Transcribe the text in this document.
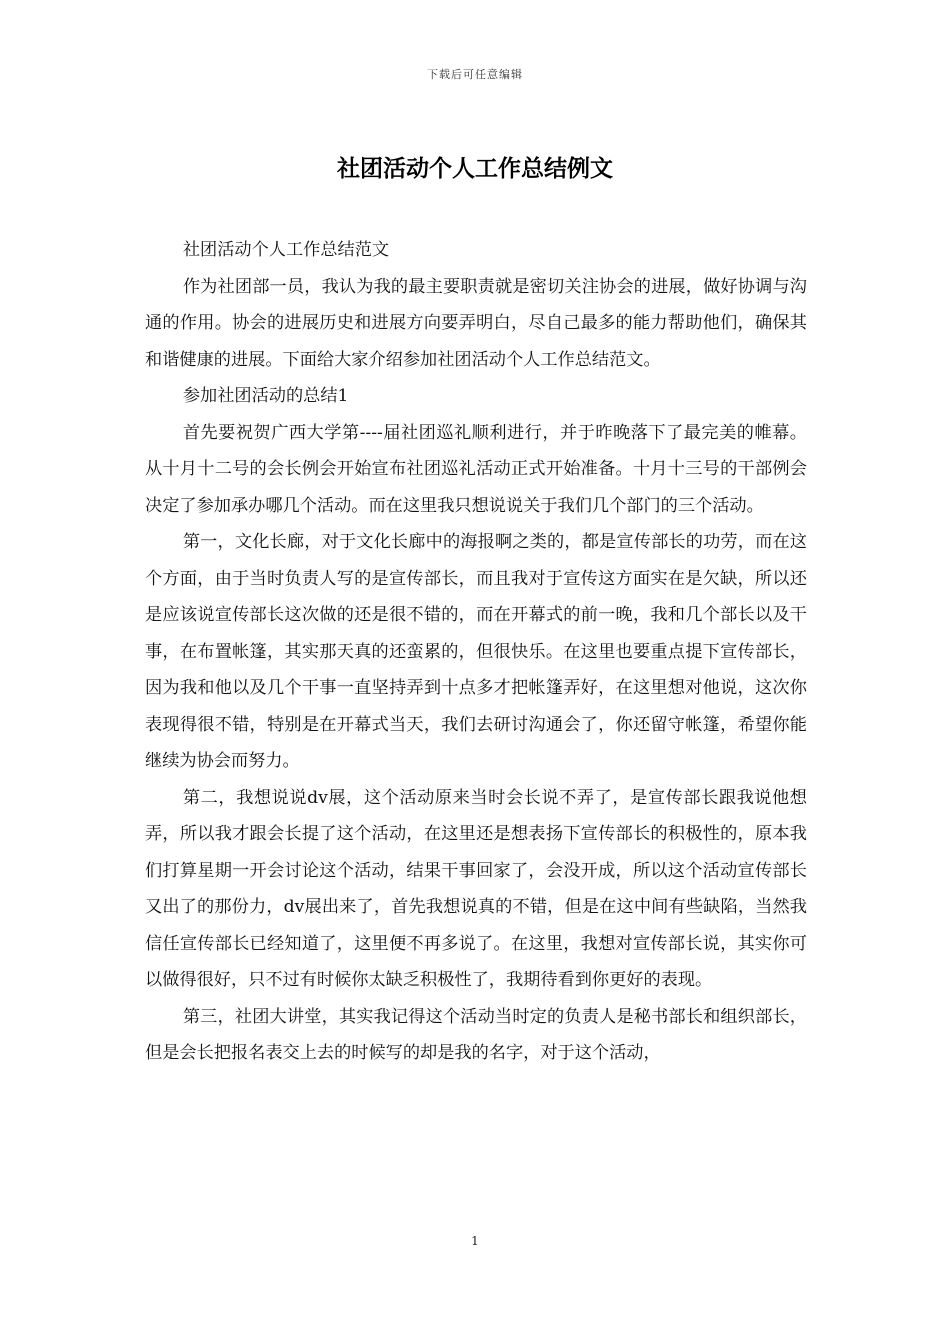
下载后可任意编辑
社团活动个人工作总结例文

社团活动个人工作总结范文

作为社团部一员，我认为我的最主要职责就是密切关注协会的进展，做好协调与沟通的作用。协会的进展历史和进展方向要弄明白，尽自己最多的能力帮助他们，确保其和谐健康的进展。下面给大家介绍参加社团活动个人工作总结范文。

参加社团活动的总结1

首先要祝贺广西大学第----届社团巡礼顺利进行，并于昨晚落下了最完美的帷幕。从十月十二号的会长例会开始宣布社团巡礼活动正式开始准备。十月十三号的干部例会决定了参加承办哪几个活动。而在这里我只想说说关于我们几个部门的三个活动。

第一，文化长廊，对于文化长廊中的海报啊之类的，都是宣传部长的功劳，而在这个方面，由于当时负责人写的是宣传部长，而且我对于宣传这方面实在是欠缺，所以还是应该说宣传部长这次做的还是很不错的，而在开幕式的前一晚，我和几个部长以及干事，在布置帐篷，其实那天真的还蛮累的，但很快乐。在这里也要重点提下宣传部长，因为我和他以及几个干事一直坚持弄到十点多才把帐篷弄好，在这里想对他说，这次你表现得很不错，特别是在开幕式当天，我们去研讨沟通会了，你还留守帐篷，希望你能继续为协会而努力。

第二，我想说说dv展，这个活动原来当时会长说不弄了，是宣传部长跟我说他想弄，所以我才跟会长提了这个活动，在这里还是想表扬下宣传部长的积极性的，原本我们打算星期一开会讨论这个活动，结果干事回家了，会没开成，所以这个活动宣传部长又出了的那份力，dv展出来了，首先我想说真的不错，但是在这中间有些缺陷，当然我信任宣传部长已经知道了，这里便不再多说了。在这里，我想对宣传部长说，其实你可以做得很好，只不过有时候你太缺乏积极性了，我期待看到你更好的表现。

第三，社团大讲堂，其实我记得这个活动当时定的负责人是秘书部长和组织部长，但是会长把报名表交上去的时候写的却是我的名字，对于这个活动，

1
